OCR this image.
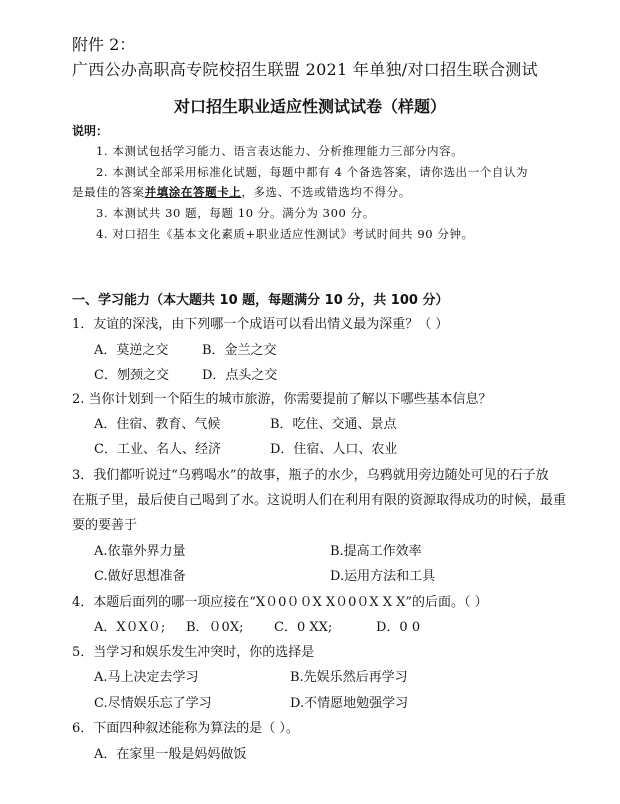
附件 2：
广西公办高职高专院校招生联盟 2021 年单独/对口招生联合测试
对口招生职业适应性测试试卷（样题）
说明：
1. 本测试包括学习能力、语言表达能力、分析推理能力三部分内容。
2. 本测试全部采用标准化试题，每题中都有 4 个备选答案，请你选出一个自认为
是最佳的答案并填涂在答题卡上，多选、不选或错选均不得分。
3. 本测试共 30 题，每题 10 分。满分为 300 分。
4. 对口招生《基本文化素质+职业适应性测试》考试时间共 90 分钟。
一、学习能力（本大题共 10 题，每题满分 10 分，共 100 分）
1．友谊的深浅，由下列哪一个成语可以看出情义最为深重？（ ）
A．莫逆之交	B．金兰之交
C．刎颈之交	D．点头之交
2. 当你计划到一个陌生的城市旅游，你需要提前了解以下哪些基本信息？
A．住宿、教育、气候	B．吃住、交通、景点
C．工业、名人、经济	D．住宿、人口、农业
3．我们都听说过“乌鸦喝水”的故事，瓶子的水少，乌鸦就用旁边随处可见的石子放
在瓶子里，最后使自己喝到了水。这说明人们在利用有限的资源取得成功的时候，最重
要的要善于
A.依靠外界力量	B.提高工作效率
C.做好思想准备	D.运用方法和工具
4．本题后面列的哪一项应接在“X０0００X X０0０X X X”的后面。（ ）
A．X０X０; B．０0X; C．0 XX;	D．0 0
5．当学习和娱乐发生冲突时，你的选择是
A.马上决定去学习	B.先娱乐然后再学习
C.尽情娱乐忘了学习	D.不情愿地勉强学习
6．下面四种叙述能称为算法的是（ ）。
A．在家里一般是妈妈做饭
